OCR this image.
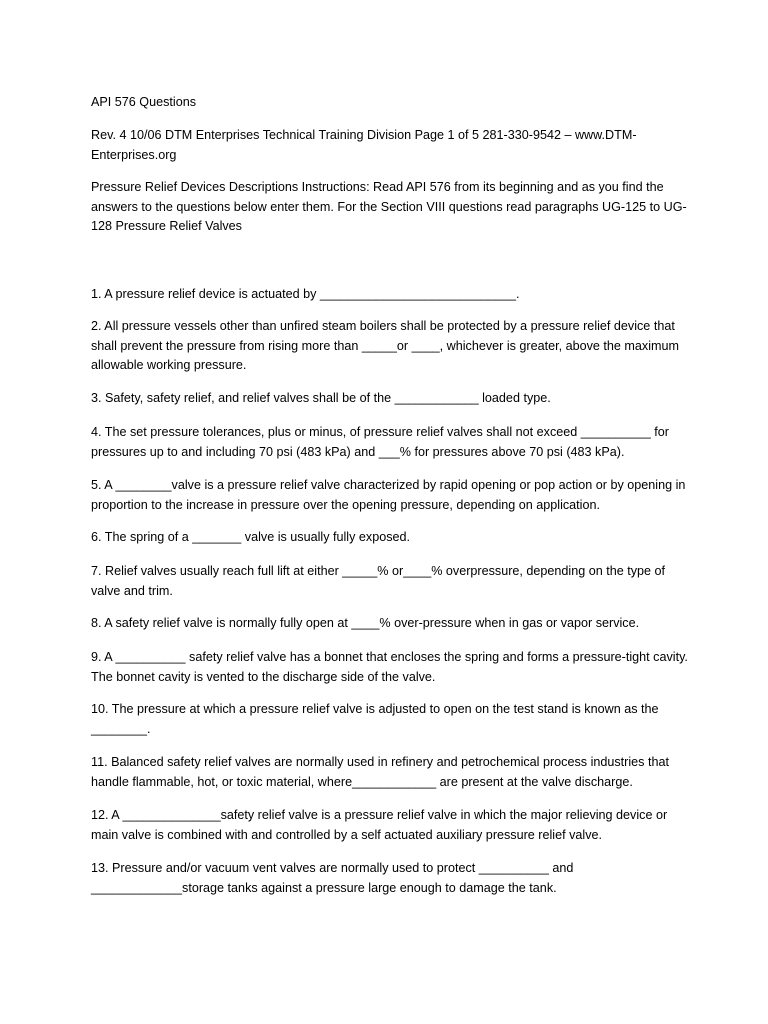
API 576 Questions

Rev. 4 10/06 DTM Enterprises Technical Training Division Page 1 of 5 281-330-9542 – www.DTM-Enterprises.org

Pressure Relief Devices Descriptions Instructions: Read API 576 from its beginning and as you find the answers to the questions below enter them. For the Section VIII questions read paragraphs UG-125 to UG-128 Pressure Relief Valves

1. A pressure relief device is actuated by ____________________________.

2. All pressure vessels other than unfired steam boilers shall be protected by a pressure relief device that shall prevent the pressure from rising more than _____or ____, whichever is greater, above the maximum allowable working pressure.

3. Safety, safety relief, and relief valves shall be of the ____________ loaded type.

4. The set pressure tolerances, plus or minus, of pressure relief valves shall not exceed __________ for pressures up to and including 70 psi (483 kPa) and ___% for pressures above 70 psi (483 kPa).

5. A ________valve is a pressure relief valve characterized by rapid opening or pop action or by opening in proportion to the increase in pressure over the opening pressure, depending on application.

6. The spring of a _______ valve is usually fully exposed.

7. Relief valves usually reach full lift at either _____% or____% overpressure, depending on the type of valve and trim.

8. A safety relief valve is normally fully open at ____% over-pressure when in gas or vapor service.

9. A __________ safety relief valve has a bonnet that encloses the spring and forms a pressure-tight cavity. The bonnet cavity is vented to the discharge side of the valve.

10. The pressure at which a pressure relief valve is adjusted to open on the test stand is known as the ________.

11. Balanced safety relief valves are normally used in refinery and petrochemical process industries that handle flammable, hot, or toxic material, where____________ are present at the valve discharge.

12. A ______________safety relief valve is a pressure relief valve in which the major relieving device or main valve is combined with and controlled by a self actuated auxiliary pressure relief valve.

13. Pressure and/or vacuum vent valves are normally used to protect __________ and _____________storage tanks against a pressure large enough to damage the tank.
